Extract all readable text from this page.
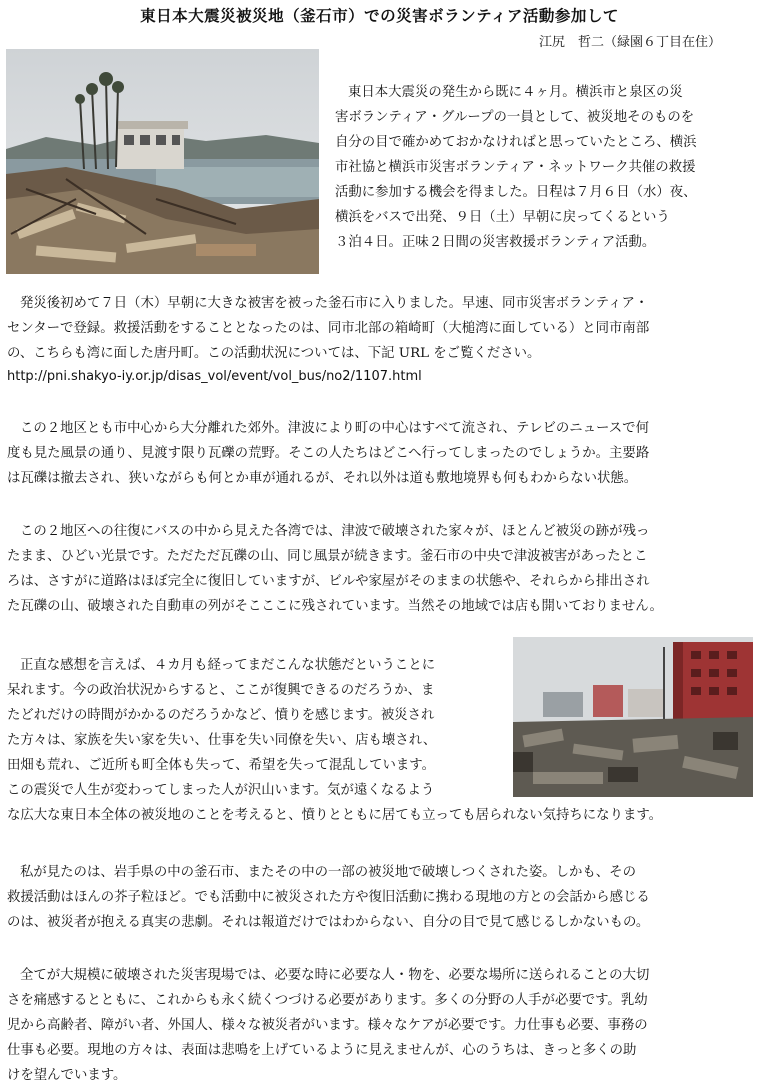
東日本大震災被災地（釜石市）での災害ボランティア活動参加して
江尻　哲二（緑園６丁目在住）
東日本大震災の発生から既に４ヶ月。横浜市と泉区の災
害ボランティア・グループの一員として、被災地そのものを
自分の目で確かめておかなければと思っていたところ、横浜
市社協と横浜市災害ボランティア・ネットワーク共催の救援
活動に参加する機会を得ました。日程は７月６日（水）夜、
横浜をバスで出発、９日（土）早朝に戻ってくるという
３泊４日。正味２日間の災害救援ボランティア活動。
発災後初めて７日（木）早朝に大きな被害を被った釜石市に入りました。早速、同市災害ボランティア・
センターで登録。救援活動をすることとなったのは、同市北部の箱崎町（大槌湾に面している）と同市南部
の、こちらも湾に面した唐丹町。この活動状況については、下記 URL をご覧ください。
http://pni.shakyo-iy.or.jp/disas_vol/event/vol_bus/no2/1107.html
この２地区とも市中心から大分離れた郊外。津波により町の中心はすべて流され、テレビのニュースで何
度も見た風景の通り、見渡す限り瓦礫の荒野。そこの人たちはどこへ行ってしまったのでしょうか。主要路
は瓦礫は撤去され、狭いながらも何とか車が通れるが、それ以外は道も敷地境界も何もわからない状態。
この２地区への往復にバスの中から見えた各湾では、津波で破壊された家々が、ほとんど被災の跡が残っ
たまま、ひどい光景です。ただただ瓦礫の山、同じ風景が続きます。釜石市の中央で津波被害があったとこ
ろは、さすがに道路はほぼ完全に復旧していますが、ビルや家屋がそのままの状態や、それらから排出され
た瓦礫の山、破壊された自動車の列がそこここに残されています。当然その地域では店も開いておりません。
正直な感想を言えば、４カ月も経ってまだこんな状態だということに
呆れます。今の政治状況からすると、ここが復興できるのだろうか、ま
たどれだけの時間がかかるのだろうかなど、憤りを感じます。被災され
た方々は、家族を失い家を失い、仕事を失い同僚を失い、店も壊され、
田畑も荒れ、ご近所も町全体も失って、希望を失って混乱しています。
この震災で人生が変わってしまった人が沢山います。気が遠くなるよう
な広大な東日本全体の被災地のことを考えると、憤りとともに居ても立っても居られない気持ちになります。
私が見たのは、岩手県の中の釜石市、またその中の一部の被災地で破壊しつくされた姿。しかも、その
救援活動はほんの芥子粒ほど。でも活動中に被災された方や復旧活動に携わる現地の方との会話から感じる
のは、被災者が抱える真実の悲劇。それは報道だけではわからない、自分の目で見て感じるしかないもの。
全てが大規模に破壊された災害現場では、必要な時に必要な人・物を、必要な場所に送られることの大切
さを痛感するとともに、これからも永く続くつづける必要があります。多くの分野の人手が必要です。乳幼
児から高齢者、障がい者、外国人、様々な被災者がいます。様々なケアが必要です。力仕事も必要、事務の
仕事も必要。現地の方々は、表面は悲鳴を上げているように見えませんが、心のうちは、きっと多くの助
けを望んでいます。
